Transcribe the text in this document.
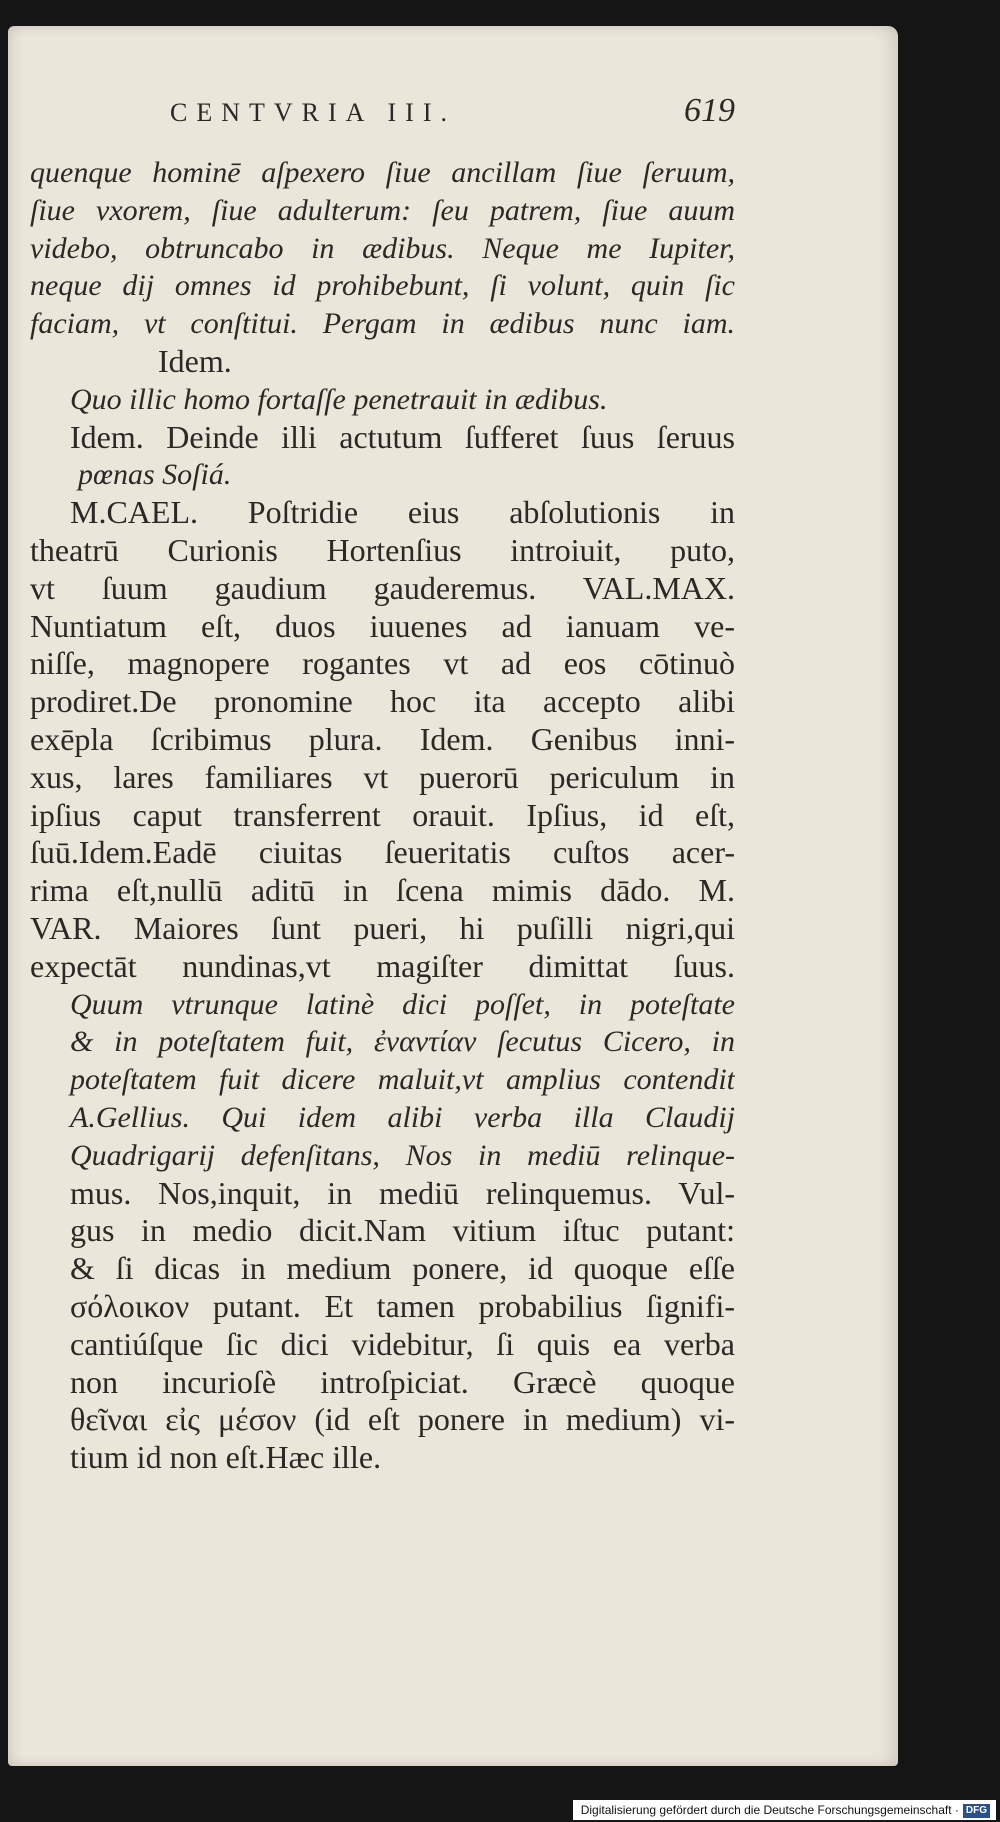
CENTVRIA III.	619
quenque hominē aſpexero ſiue ancillam ſiue ſeruum,
ſiue vxorem, ſiue adulterum: ſeu patrem, ſiue auum
videbo, obtruncabo in ædibus. Neque me Iupiter,
neque dij omnes id prohibebunt, ſi volunt, quin ſic
faciam, vt conſtitui. Pergam in ædibus nunc iam.
Idem.
Quo illic homo fortaſſe penetrauit in ædibus.
Idem. Deinde illi actutum ſufferet ſuus ſeruus
pœnas Soſiá.
M.CAEL. Poſtridie eius abſolutionis in
theatrū Curionis Hortenſius introiuit, puto,
vt ſuum gaudium gauderemus. VAL.MAX.
Nuntiatum eſt, duos iuuenes ad ianuam ve-
niſſe, magnopere rogantes vt ad eos cōtinuò
prodiret.De pronomine hoc ita accepto alibi
exēpla ſcribimus plura. Idem. Genibus inni-
xus, lares familiares vt puerorū periculum in
ipſius caput transferrent orauit. Ipſius, id eſt,
ſuū.Idem.Eadē ciuitas ſeueritatis cuſtos acer-
rima eſt,nullū aditū in ſcena mimis dādo. M.
VAR. Maiores ſunt pueri, hi puſilli nigri,qui
expectāt nundinas,vt magiſter dimittat ſuus.
Quum vtrunque latinè dici poſſet, in poteſtate
& in poteſtatem fuit, ἐναντίαν ſecutus Cicero, in
poteſtatem fuit dicere maluit,vt amplius contendit
A.Gellius. Qui idem alibi verba illa Claudij
Quadrigarij defenſitans, Nos in mediū relinque-
mus. Nos,inquit, in mediū relinquemus. Vul-
gus in medio dicit.Nam vitium iſtuc putant:
& ſi dicas in medium ponere, id quoque eſſe
σόλοικον putant. Et tamen probabilius ſignifi-
cantiúſque ſic dici videbitur, ſi quis ea verba
non incurioſè introſpiciat. Græcè quoque
θεῖναι εἰς μέσον (id eſt ponere in medium) vi-
tium id non eſt.Hæc ille.
Digitalisierung gefördert durch die Deutsche Forschungsgemeinschaft · DFG
